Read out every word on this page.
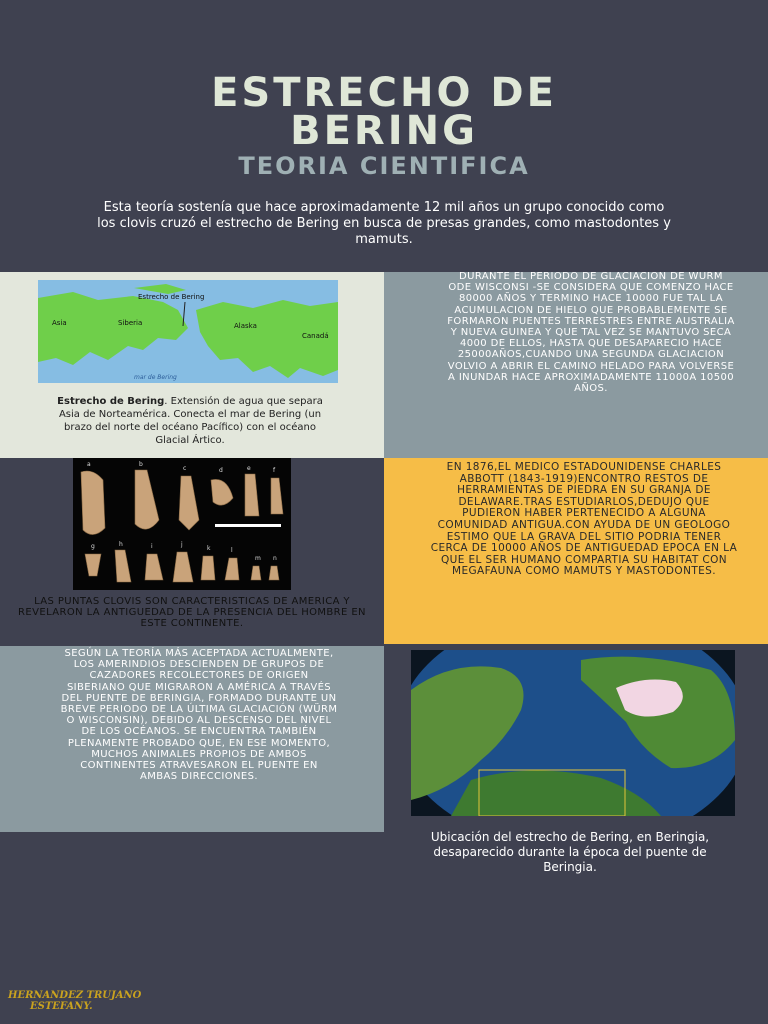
ESTRECHO DE
BERING
TEORIA CIENTIFICA
Esta teoría sostenía que hace aproximadamente 12 mil años un grupo conocido como los clovis cruzó el estrecho de Bering en busca de presas grandes, como mastodontes y mamuts.
Estrecho de Bering
Asia	Siberia	Alaska
Canadá
mar de Bering
Estrecho de Bering. Extensión de agua que separa Asia de Norteamérica. Conecta el mar de Bering (un brazo del norte del océano Pacífico) con el océano Glacial Ártico.
DURANTE EL PERIODO DE GLACIACION DE WURM ODE WISCONSI -SE CONSIDERA QUE COMENZO HACE 80000 AÑOS Y TERMINO HACE 10000 FUE TAL LA ACUMULACION DE HIELO QUE PROBABLEMENTE SE FORMARON PUENTES TERRESTRES ENTRE AUSTRALIA Y NUEVA GUINEA Y QUE TAL VEZ SE MANTUVO SECA 4000 DE ELLOS, HASTA QUE DESAPARECIO HACE 25000AÑOS,CUANDO UNA SEGUNDA GLACIACION VOLVIO A ABRIR EL CAMINO HELADO PARA VOLVERSE A INUNDAR HACE APROXIMADAMENTE 11000A 10500 AÑOS.
a	b
c	d	e	f
g	h	i	j
k	l
m n
LAS PUNTAS CLOVIS SON CARACTERISTICAS DE AMERICA Y REVELARON LA ANTIGUEDAD DE LA PRESENCIA DEL HOMBRE EN ESTE CONTINENTE.
EN 1876,EL MEDICO ESTADOUNIDENSE CHARLES ABBOTT (1843-1919)ENCONTRO RESTOS DE HERRAMIENTAS DE PIEDRA EN SU GRANJA DE DELAWARE.TRAS ESTUDIARLOS,DEDUJO QUE PUDIERON HABER PERTENECIDO A ALGUNA COMUNIDAD ANTIGUA.CON AYUDA DE UN GEOLOGO ESTIMO QUE LA GRAVA DEL SITIO PODRIA TENER CERCA DE 10000 AÑOS DE ANTIGUEDAD EPOCA EN LA QUE EL SER HUMANO COMPARTIA SU HABITAT CON MEGAFAUNA COMO MAMUTS Y MASTODONTES.
SEGÚN LA TEORÍA MÁS ACEPTADA ACTUALMENTE, LOS AMERINDIOS DESCIENDEN DE GRUPOS DE CAZADORES RECOLECTORES DE ORIGEN SIBERIANO QUE MIGRARON A AMÉRICA A TRAVÉS DEL PUENTE DE BERINGIA, FORMADO DURANTE UN BREVE PERIODO DE LA ÚLTIMA GLACIACIÓN (WÜRM O WISCONSIN), DEBIDO AL DESCENSO DEL NIVEL DE LOS OCÉANOS. SE ENCUENTRA TAMBIÉN PLENAMENTE PROBADO QUE, EN ESE MOMENTO, MUCHOS ANIMALES PROPIOS DE AMBOS CONTINENTES ATRAVESARON EL PUENTE EN AMBAS DIRECCIONES.
Ubicación del estrecho de Bering, en Beringia, desaparecido durante la época del puente de Beringia.
HERNANDEZ TRUJANO
ESTEFANY.
